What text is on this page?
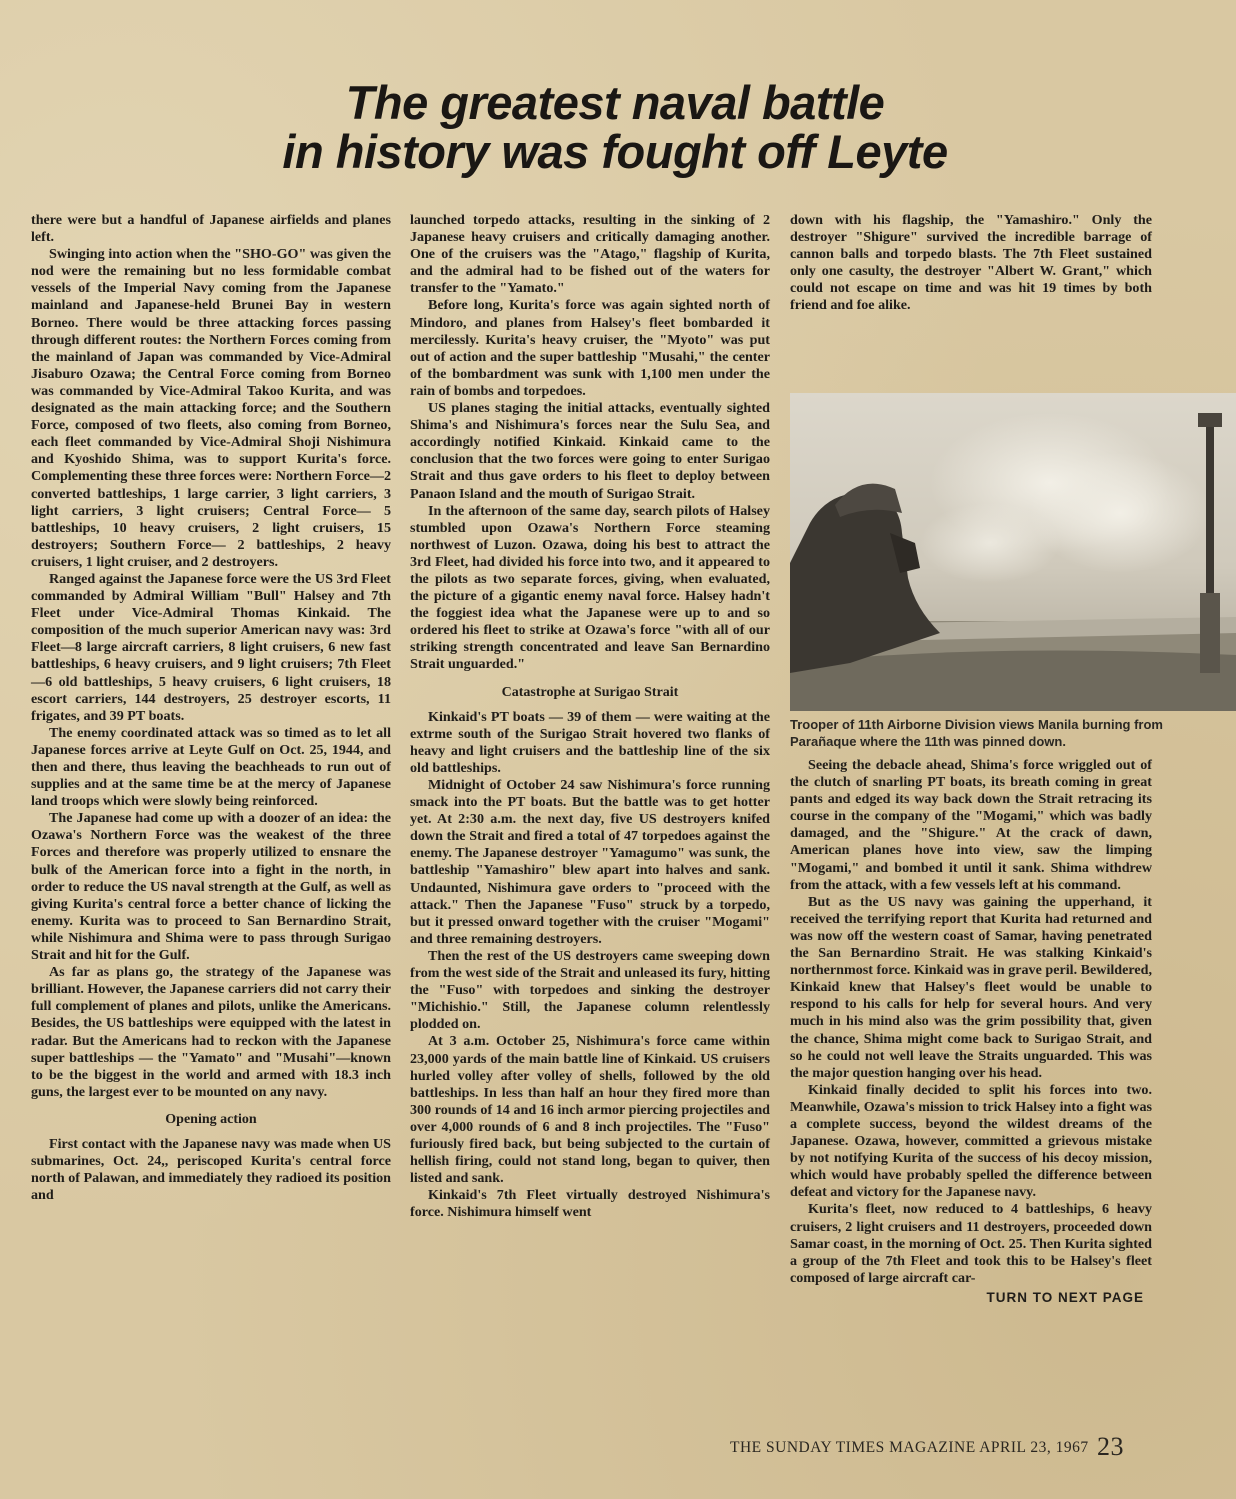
The greatest naval battle
in history was fought off Leyte

there were but a handful of Japanese airfields and planes left.

Swinging into action when the "SHO-GO" was given the nod were the remaining but no less formidable combat vessels of the Imperial Navy coming from the Japanese mainland and Japanese-held Brunei Bay in western Borneo. There would be three attacking forces passing through different routes: the Northern Forces coming from the mainland of Japan was commanded by Vice-Admiral Jisaburo Ozawa; the Central Force coming from Borneo was commanded by Vice-Admiral Takoo Kurita, and was designated as the main attacking force; and the Southern Force, composed of two fleets, also coming from Borneo, each fleet commanded by Vice-Admiral Shoji Nishimura and Kyoshido Shima, was to support Kurita's force. Complementing these three forces were: Northern Force—2 converted battleships, 1 large carrier, 3 light carriers, 3 light carriers, 3 light cruisers; Central Force— 5 battleships, 10 heavy cruisers, 2 light cruisers, 15 destroyers; Southern Force— 2 battleships, 2 heavy cruisers, 1 light cruiser, and 2 destroyers.

Ranged against the Japanese force were the US 3rd Fleet commanded by Admiral William "Bull" Halsey and 7th Fleet under Vice-Admiral Thomas Kinkaid. The composition of the much superior American navy was: 3rd Fleet—8 large aircraft carriers, 8 light cruisers, 6 new fast battleships, 6 heavy cruisers, and 9 light cruisers; 7th Fleet—6 old battleships, 5 heavy cruisers, 6 light cruisers, 18 escort carriers, 144 destroyers, 25 destroyer escorts, 11 frigates, and 39 PT boats.

The enemy coordinated attack was so timed as to let all Japanese forces arrive at Leyte Gulf on Oct. 25, 1944, and then and there, thus leaving the beachheads to run out of supplies and at the same time be at the mercy of Japanese land troops which were slowly being reinforced.

The Japanese had come up with a doozer of an idea: the Ozawa's Northern Force was the weakest of the three Forces and therefore was properly utilized to ensnare the bulk of the American force into a fight in the north, in order to reduce the US naval strength at the Gulf, as well as giving Kurita's central force a better chance of licking the enemy. Kurita was to proceed to San Bernardino Strait, while Nishimura and Shima were to pass through Surigao Strait and hit for the Gulf.

As far as plans go, the strategy of the Japanese was brilliant. However, the Japanese carriers did not carry their full complement of planes and pilots, unlike the Americans. Besides, the US battleships were equipped with the latest in radar. But the Americans had to reckon with the Japanese super battleships — the "Yamato" and "Musahi"—known to be the biggest in the world and armed with 18.3 inch guns, the largest ever to be mounted on any navy.

Opening action

First contact with the Japanese navy was made when US submarines, Oct. 24,, periscoped Kurita's central force north of Palawan, and immediately they radioed its position and

launched torpedo attacks, resulting in the sinking of 2 Japanese heavy cruisers and critically damaging another. One of the cruisers was the "Atago," flagship of Kurita, and the admiral had to be fished out of the waters for transfer to the "Yamato."

Before long, Kurita's force was again sighted north of Mindoro, and planes from Halsey's fleet bombarded it mercilessly. Kurita's heavy cruiser, the "Myoto" was put out of action and the super battleship "Musahi," the center of the bombardment was sunk with 1,100 men under the rain of bombs and torpedoes.

US planes staging the initial attacks, eventually sighted Shima's and Nishimura's forces near the Sulu Sea, and accordingly notified Kinkaid. Kinkaid came to the conclusion that the two forces were going to enter Surigao Strait and thus gave orders to his fleet to deploy between Panaon Island and the mouth of Surigao Strait.

In the afternoon of the same day, search pilots of Halsey stumbled upon Ozawa's Northern Force steaming northwest of Luzon. Ozawa, doing his best to attract the 3rd Fleet, had divided his force into two, and it appeared to the pilots as two separate forces, giving, when evaluated, the picture of a gigantic enemy naval force. Halsey hadn't the foggiest idea what the Japanese were up to and so ordered his fleet to strike at Ozawa's force "with all of our striking strength concentrated and leave San Bernardino Strait unguarded."

Catastrophe at Surigao Strait

Kinkaid's PT boats — 39 of them — were waiting at the extrme south of the Surigao Strait hovered two flanks of heavy and light cruisers and the battleship line of the six old battleships.

Midnight of October 24 saw Nishimura's force running smack into the PT boats. But the battle was to get hotter yet. At 2:30 a.m. the next day, five US destroyers knifed down the Strait and fired a total of 47 torpedoes against the enemy. The Japanese destroyer "Yamagumo" was sunk, the battleship "Yamashiro" blew apart into halves and sank. Undaunted, Nishimura gave orders to "proceed with the attack." Then the Japanese "Fuso" struck by a torpedo, but it pressed onward together with the cruiser "Mogami" and three remaining destroyers.

Then the rest of the US destroyers came sweeping down from the west side of the Strait and unleased its fury, hitting the "Fuso" with torpedoes and sinking the destroyer "Michishio." Still, the Japanese column relentlessly plodded on.

At 3 a.m. October 25, Nishimura's force came within 23,000 yards of the main battle line of Kinkaid. US cruisers hurled volley after volley of shells, followed by the old battleships. In less than half an hour they fired more than 300 rounds of 14 and 16 inch armor piercing projectiles and over 4,000 rounds of 6 and 8 inch projectiles. The "Fuso" furiously fired back, but being subjected to the curtain of hellish firing, could not stand long, began to quiver, then listed and sank.

Kinkaid's 7th Fleet virtually destroyed Nishimura's force. Nishimura himself went

down with his flagship, the "Yamashiro." Only the destroyer "Shigure" survived the incredible barrage of cannon balls and torpedo blasts. The 7th Fleet sustained only one casulty, the destroyer "Albert W. Grant," which could not escape on time and was hit 19 times by both friend and foe alike.

Trooper of 11th Airborne Division views Manila burning from Parañaque where the 11th was pinned down.

Seeing the debacle ahead, Shima's force wriggled out of the clutch of snarling PT boats, its breath coming in great pants and edged its way back down the Strait retracing its course in the company of the "Mogami," which was badly damaged, and the "Shigure." At the crack of dawn, American planes hove into view, saw the limping "Mogami," and bombed it until it sank. Shima withdrew from the attack, with a few vessels left at his command.

But as the US navy was gaining the upperhand, it received the terrifying report that Kurita had returned and was now off the western coast of Samar, having penetrated the San Bernardino Strait. He was stalking Kinkaid's northernmost force. Kinkaid was in grave peril. Bewildered, Kinkaid knew that Halsey's fleet would be unable to respond to his calls for help for several hours. And very much in his mind also was the grim possibility that, given the chance, Shima might come back to Surigao Strait, and so he could not well leave the Straits unguarded. This was the major question hanging over his head.

Kinkaid finally decided to split his forces into two. Meanwhile, Ozawa's mission to trick Halsey into a fight was a complete success, beyond the wildest dreams of the Japanese. Ozawa, however, committed a grievous mistake by not notifying Kurita of the success of his decoy mission, which would have probably spelled the difference between defeat and victory for the Japanese navy.

Kurita's fleet, now reduced to 4 battleships, 6 heavy cruisers, 2 light cruisers and 11 destroyers, proceeded down Samar coast, in the morning of Oct. 25. Then Kurita sighted a group of the 7th Fleet and took this to be Halsey's fleet composed of large aircraft car-

TURN TO NEXT PAGE
THE SUNDAY TIMES MAGAZINE APRIL 23, 1967 23
